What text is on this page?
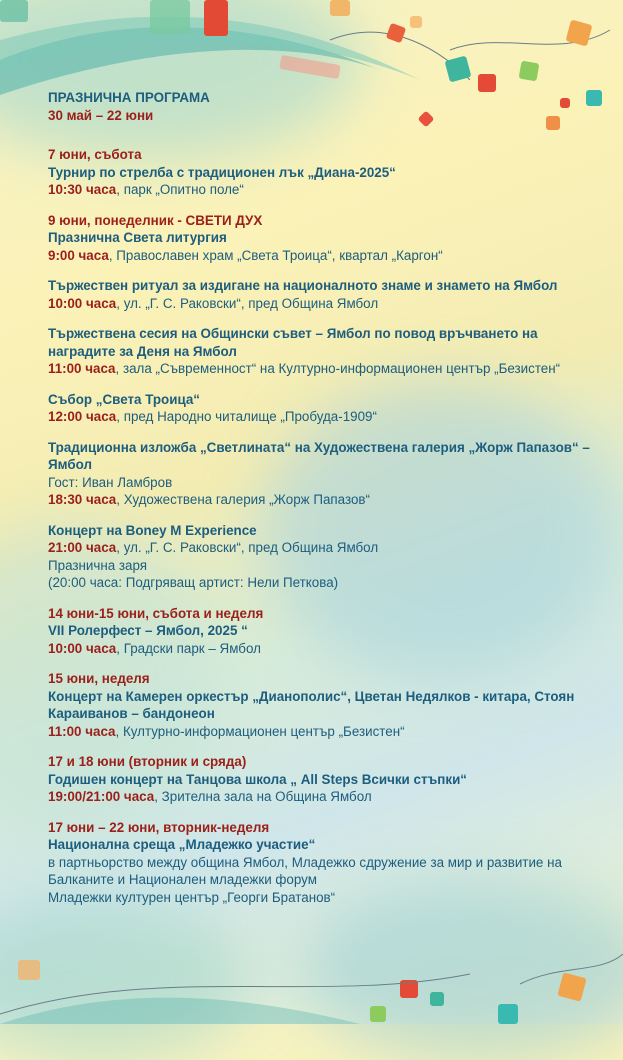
ПРАЗНИЧНА ПРОГРАМА
30 май – 22 юни
7 юни, събота
Турнир по стрелба с традиционен лък „Диана-2025“
10:30 часа, парк „Опитно поле“
9 юни, понеделник - СВЕТИ ДУХ
Празнична Света литургия
9:00 часа, Православен храм „Света Троица“, квартал „Каргон“
Тържествен ритуал за издигане на националното знаме и знамето на Ямбол
10:00 часа, ул. „Г. С. Раковски“, пред Община Ямбол
Тържествена сесия на Общински съвет – Ямбол по повод връчването на наградите за Деня на Ямбол
11:00 часа, зала „Съвременност“ на Културно-информационен център „Безистен“
Събор „Света Троица“
12:00 часа, пред Народно читалище „Пробуда-1909“
Традиционна изложба „Светлината“ на Художествена галерия „Жорж Папазов“ – Ямбол
Гост: Иван Ламбров
18:30 часа, Художествена галерия „Жорж Папазов“
Концерт на Boney M Experience
21:00 часа, ул. „Г. С. Раковски“, пред Община Ямбол
Празнична заря
(20:00 часа: Подгряващ артист: Нели Петкова)
14 юни-15 юни, събота и неделя
VII Ролерфест – Ямбол, 2025 “
10:00 часа, Градски парк – Ямбол
15 юни, неделя
Концерт на Камерен оркестър „Дианополис“, Цветан Недялков - китара, Стоян Караиванов – бандонеон
11:00 часа, Културно-информационен център „Безистен“
17 и 18 юни (вторник и сряда)
Годишен концерт на Танцова школа „ All Steps Всички стъпки“
19:00/21:00 часа, Зрителна зала на Община Ямбол
17 юни – 22 юни, вторник-неделя
Национална среща „Младежко участие“
в партньорство между община Ямбол, Младежко сдружение за мир и развитие на Балканите и Национален младежки форум
Младежки културен център „Георги Братанов“
